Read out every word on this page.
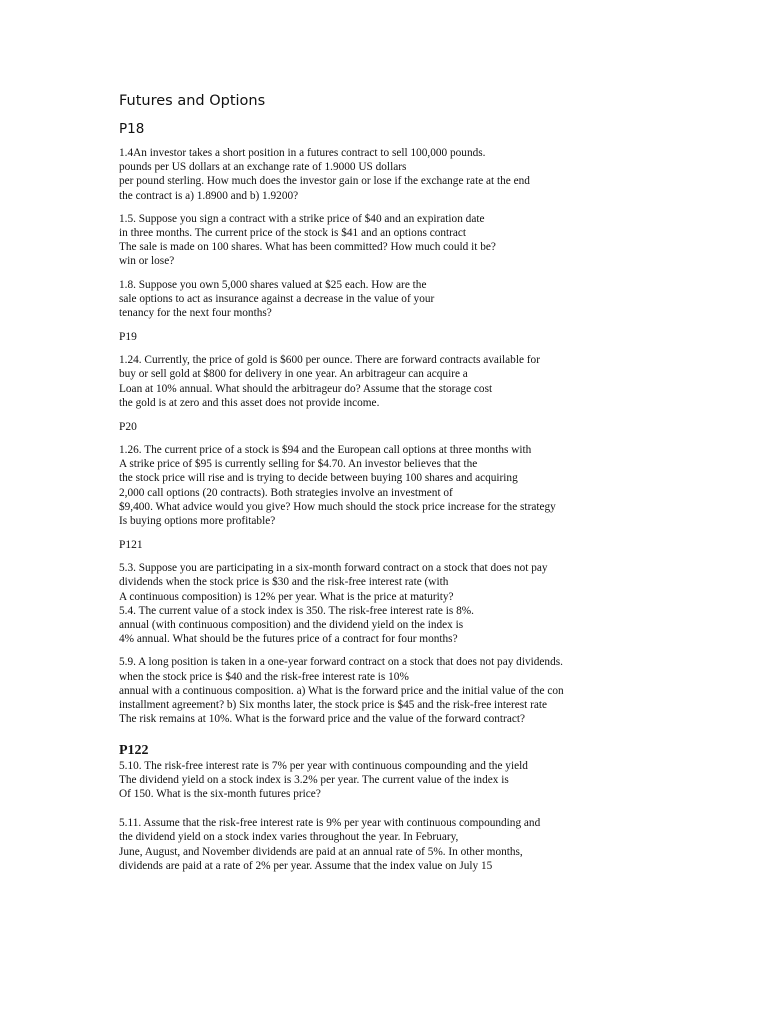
Futures and Options
P18
1.4An investor takes a short position in a futures contract to sell 100,000 pounds.
pounds per US dollars at an exchange rate of 1.9000 US dollars
per pound sterling. How much does the investor gain or lose if the exchange rate at the end
the contract is a) 1.8900 and b) 1.9200?
1.5. Suppose you sign a contract with a strike price of $40 and an expiration date
in three months. The current price of the stock is $41 and an options contract
The sale is made on 100 shares. What has been committed? How much could it be?
win or lose?
1.8. Suppose you own 5,000 shares valued at $25 each. How are the
sale options to act as insurance against a decrease in the value of your
tenancy for the next four months?
P19
1.24. Currently, the price of gold is $600 per ounce. There are forward contracts available for
buy or sell gold at $800 for delivery in one year. An arbitrageur can acquire a
Loan at 10% annual. What should the arbitrageur do? Assume that the storage cost
the gold is at zero and this asset does not provide income.
P20
1.26. The current price of a stock is $94 and the European call options at three months with
A strike price of $95 is currently selling for $4.70. An investor believes that the
the stock price will rise and is trying to decide between buying 100 shares and acquiring
2,000 call options (20 contracts). Both strategies involve an investment of
$9,400. What advice would you give? How much should the stock price increase for the strategy
Is buying options more profitable?
P121
5.3. Suppose you are participating in a six-month forward contract on a stock that does not pay
dividends when the stock price is $30 and the risk-free interest rate (with
A continuous composition) is 12% per year. What is the price at maturity?
5.4. The current value of a stock index is 350. The risk-free interest rate is 8%.
annual (with continuous composition) and the dividend yield on the index is
4% annual. What should be the futures price of a contract for four months?
5.9. A long position is taken in a one-year forward contract on a stock that does not pay dividends.
when the stock price is $40 and the risk-free interest rate is 10%
annual with a continuous composition. a) What is the forward price and the initial value of the con
installment agreement? b) Six months later, the stock price is $45 and the risk-free interest rate
The risk remains at 10%. What is the forward price and the value of the forward contract?
P122
5.10. The risk-free interest rate is 7% per year with continuous compounding and the yield
The dividend yield on a stock index is 3.2% per year. The current value of the index is
Of 150. What is the six-month futures price?
5.11. Assume that the risk-free interest rate is 9% per year with continuous compounding and
the dividend yield on a stock index varies throughout the year. In February,
June, August, and November dividends are paid at an annual rate of 5%. In other months,
dividends are paid at a rate of 2% per year. Assume that the index value on July 15
